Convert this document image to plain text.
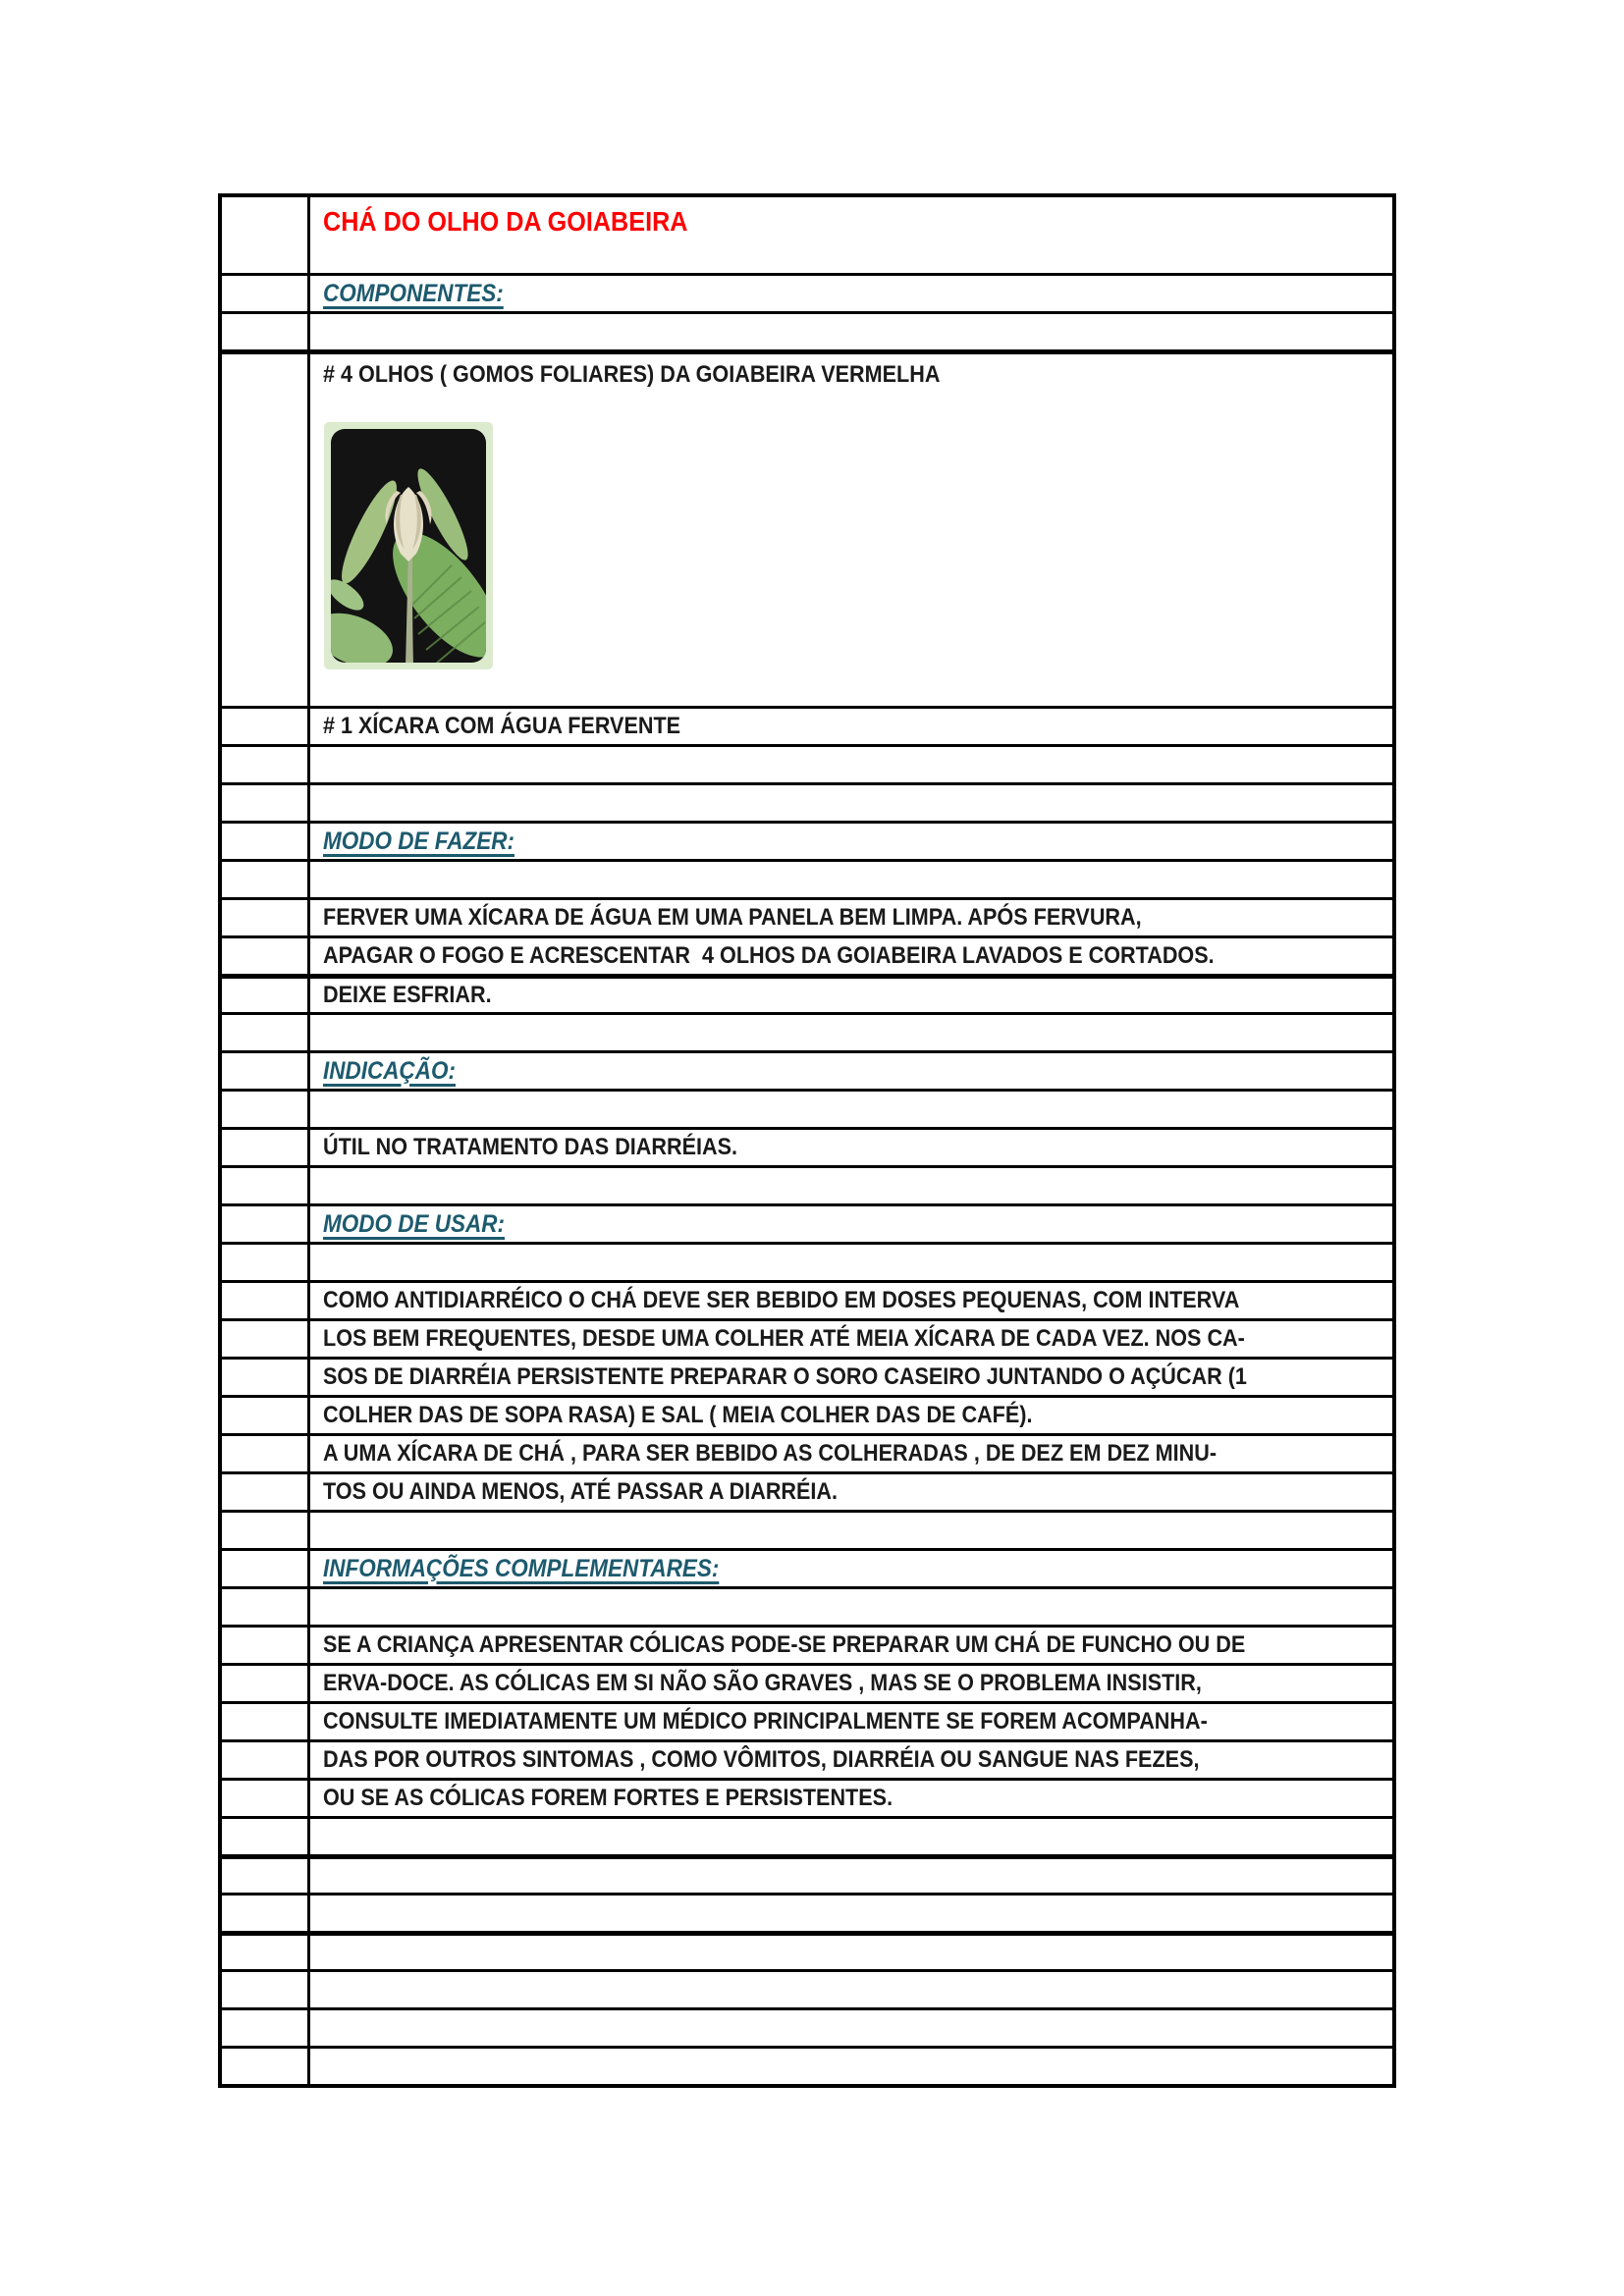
CHÁ DO OLHO DA GOIABEIRA
COMPONENTES:
# 4 OLHOS ( GOMOS FOLIARES) DA GOIABEIRA VERMELHA
# 1 XÍCARA COM ÁGUA FERVENTE
MODO DE FAZER:
FERVER UMA XÍCARA DE ÁGUA EM UMA PANELA BEM LIMPA. APÓS FERVURA,
APAGAR O FOGO E ACRESCENTAR  4 OLHOS DA GOIABEIRA LAVADOS E CORTADOS.
DEIXE ESFRIAR.
INDICAÇÃO:
ÚTIL NO TRATAMENTO DAS DIARRÉIAS.
MODO DE USAR:
COMO ANTIDIARRÉICO O CHÁ DEVE SER BEBIDO EM DOSES PEQUENAS, COM INTERVA
LOS BEM FREQUENTES, DESDE UMA COLHER ATÉ MEIA XÍCARA DE CADA VEZ. NOS CA-
SOS DE DIARRÉIA PERSISTENTE PREPARAR O SORO CASEIRO JUNTANDO O AÇÚCAR (1
COLHER DAS DE SOPA RASA) E SAL ( MEIA COLHER DAS DE CAFÉ).
A UMA XÍCARA DE CHÁ , PARA SER BEBIDO AS COLHERADAS , DE DEZ EM DEZ MINU-
TOS OU AINDA MENOS, ATÉ PASSAR A DIARRÉIA.
INFORMAÇÕES COMPLEMENTARES:
SE A CRIANÇA APRESENTAR CÓLICAS PODE-SE PREPARAR UM CHÁ DE FUNCHO OU DE
ERVA-DOCE. AS CÓLICAS EM SI NÃO SÃO GRAVES , MAS SE O PROBLEMA INSISTIR,
CONSULTE IMEDIATAMENTE UM MÉDICO PRINCIPALMENTE SE FOREM ACOMPANHA-
DAS POR OUTROS SINTOMAS , COMO VÔMITOS, DIARRÉIA OU SANGUE NAS FEZES,
OU SE AS CÓLICAS FOREM FORTES E PERSISTENTES.
